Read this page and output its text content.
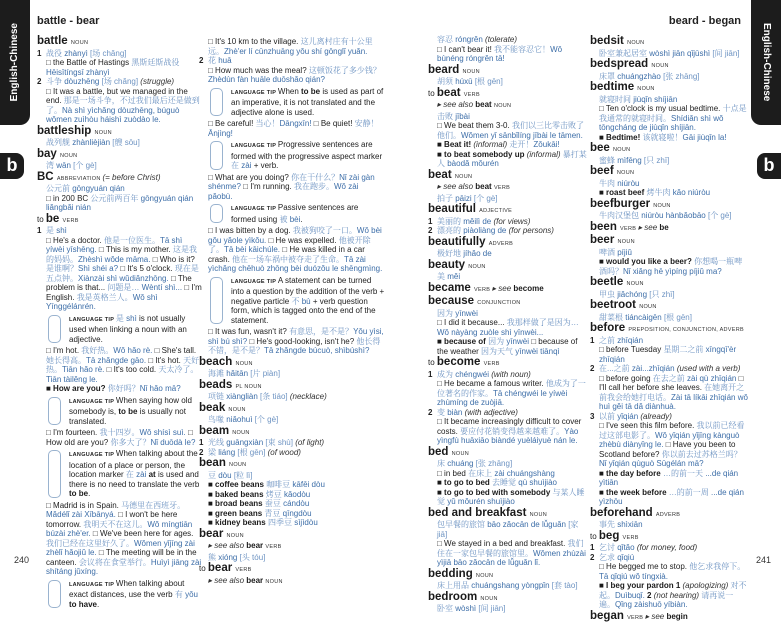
English-Chinese
b
English-Chinese
b
battle - bear	beard - began
240	241
battle NOUN
1 战役 zhànyì [场 chǎng]
□ the Battle of Hastings 黑斯廷斯战役 Hēisītíngsī zhànyì
2 斗争 dòuzhēng [场 chǎng] (struggle)
□ It was a battle, but we managed in the end. 那是一场斗争，不过我们最后还是做到了。Nà shì yìchǎng dòuzhēng, búguò wǒmen zuìhòu háishì zuòdào le.
battleship NOUN
战列舰 zhànlièjiàn [艘 sōu]
bay NOUN
湾 wān [个 gè]
BC ABBREVIATION (= before Christ)
公元前 gōngyuán qián
□ in 200 BC 公元前两百年 gōngyuán qián liǎngbǎi nián
to be VERB
1 是 shì
□ He's a doctor. 他是一位医生。Tā shì yíwèi yīshēng. □ This is my mother. 这是我的妈妈。Zhèshì wǒde māma. □ Who is it? 是谁啊？Shì shéi a? □ It's 5 o'clock. 现在是五点钟。Xiànzài shì wǔdiǎnzhōng. □ The problem is that... 问题是… Wèntí shì... □ I'm English. 我是英格兰人。Wǒ shì Yīnggélánrén.
LANGUAGE TIP 是 shì is not usually used when linking a noun with an adjective.
□ I'm hot. 我好热。Wǒ hǎo rè. □ She's tall. 她长得高。Tā zhǎngde gāo. □ It's hot. 天好热。Tiān hǎo rè. □ It's too cold. 天太冷了。Tiān tàilěng le.
■ How are you? 你好吗？Nǐ hǎo mā?
LANGUAGE TIP When saying how old somebody is, to be is usually not translated.
□ I'm fourteen. 我十四岁。Wǒ shísì suì. □ How old are you? 你多大了？Nǐ duōdà le?
LANGUAGE TIP When talking about the location of a place or person, the location marker 在 zài at is used and there is no need to translate the verb to be.
□ Madrid is in Spain. 马德里在西班牙。Mǎdélǐ zài Xībānyá. □ I won't be here tomorrow. 我明天不在这儿。Wǒ míngtiān búzài zhè'er. □ We've been here for ages. 我们已经在这里好久了。Wǒmen yǐjīng zài zhèlǐ hǎojiǔ le. □ The meeting will be in the canteen. 会议将在食堂举行。Huìyì jiāng zài shítáng jǔxíng.
LANGUAGE TIP When talking about exact distances, use the verb 有 yǒu to have.
□ It's 10 km to the village. 这儿离村庄有十公里远。Zhè'er lí cūnzhuāng yǒu shí gōnglǐ yuǎn.
2 花 huā
□ How much was the meal? 这顿饭花了多少钱？Zhèdùn fàn huāle duōshǎo qián?
LANGUAGE TIP When to be is used as part of an imperative, it is not translated and the adjective alone is used.
□ Be careful! 当心！Dāngxīn! □ Be quiet! 安静！Ānjìng!
LANGUAGE TIP Progressive sentences are formed with the progressive aspect marker 在 zài + verb.
□ What are you doing? 你在干什么？Nǐ zài gàn shénme? □ I'm running. 我在跑步。Wǒ zài pǎobù.
LANGUAGE TIP Passive sentences are formed using 被 bèi.
□ I was bitten by a dog. 我被狗咬了一口。Wǒ bèi gǒu yǎole yìkǒu. □ He was expelled. 他被开除了。Tā bèi kāichúle. □ He was killed in a car crash. 他在一场车祸中被夺走了生命。Tā zài yìchǎng chēhuò zhōng bèi duózǒu le shēngmìng.
LANGUAGE TIP A statement can be turned into a question by the addition of the verb + negative particle 不 bù + verb question form, which is tagged onto the end of the statement.
□ It was fun, wasn't it? 有意思，是不是？Yǒu yìsi, shì bú shì? □ He's good-looking, isn't he? 他长得不错，是不是？Tā zhǎngde búcuò, shìbúshì?
beach NOUN
海滩 hǎitān [片 piàn]
beads PL NOUN
项链 xiàngliàn [条 tiáo] (necklace)
beak NOUN
鸟喙 niǎohuì [个 gè]
beam NOUN
1 光线 guāngxiàn [束 shù] (of light)
2 梁 liáng [根 gēn] (of wood)
bean NOUN
豆 dòu [粒 lì]
■ coffee beans 咖啡豆 kāfēi dòu
■ baked beans 烤豆 kǎodòu
■ broad beans 蚕豆 cándòu
■ green beans 青豆 qīngdòu
■ kidney beans 四季豆 sìjìdòu
bear NOUN
▸ see also bear VERB
熊 xióng [头 tóu]
to bear VERB
▸ see also bear NOUN
容忍 róngrěn (tolerate)
□ I can't bear it! 我不能容忍它！Wǒ bùnéng róngrěn tā!
beard NOUN
胡须 húxū [根 gēn]
to beat VERB
▸ see also beat NOUN
击败 jībài
□ We beat them 3-0. 我们以三比零击败了他们。Wǒmen yǐ sānbǐlíng jībài le tāmen.
■ Beat it! (informal) 走开！Zǒukāi!
■ to beat somebody up (informal) 暴打某人 bàodǎ mǒurén
beat NOUN
▸ see also beat VERB
拍子 pāizi [个 gè]
beautiful ADJECTIVE
1 美丽的 měilì de (for views)
2 漂亮的 piàoliàng de (for persons)
beautifully ADVERB
极好地 jíhǎo de
beauty NOUN
美 měi
became VERB ▸ see become
because CONJUNCTION
因为 yīnwèi
□ I did it because... 我那样做了是因为… Wǒ nàyàng zuòle shì yīnwèi...
■ because of 因为 yīnwèi □ because of the weather 因为天气 yīnwèi tiānqì
to become VERB
1 成为 chéngwéi (with noun)
□ He became a famous writer. 他成为了一位著名的作家。Tā chéngwéi le yíwèi zhùmíng de zuòjiā.
2 变 biàn (with adjective)
□ It became increasingly difficult to cover costs. 要应付花销变得越来越难了。Yào yìngfù huāxiāo biàndé yuèláiyuè nán le.
bed NOUN
床 chuáng [张 zhāng]
□ in bed 在床上 zài chuángshàng
■ to go to bed 去睡觉 qù shuìjiào
■ to go to bed with somebody 与某人睡觉 yǔ mǒurén shuìjiào
bed and breakfast NOUN
包早餐的旅馆 bāo zǎocān de lǚguǎn [家 jiā]
□ We stayed in a bed and breakfast. 我们住在一家包早餐的旅馆里。Wǒmen zhùzài yìjiā bāo zǎocān de lǚguǎn lǐ.
bedding NOUN
床上用品 chuángshang yòngpǐn [套 tào]
bedroom NOUN
卧室 wòshì [间 jiān]
bedsit NOUN
卧室兼起居室 wòshì jiān qǐjūshì [间 jiān]
bedspread NOUN
床罩 chuángzhào [张 zhāng]
bedtime NOUN
就寝时间 jiùqǐn shíjiān
□ Ten o'clock is my usual bedtime. 十点是我通常的就寝时间。Shídiǎn shì wǒ tōngcháng de jiùqǐn shíjiān.
■ Bedtime! 该就寝啦！Gāi jiùqǐn la!
bee NOUN
蜜蜂 mìfēng [只 zhī]
beef NOUN
牛肉 niúròu
■ roast beef 烤牛肉 kǎo niúròu
beefburger NOUN
牛肉汉堡包 niúròu hànbǎobāo [个 gè]
been VERB ▸ see be
beer NOUN
啤酒 píjiǔ
■ would you like a beer? 你想喝一瓶啤酒吗？Nǐ xiǎng hē yìpíng píjiǔ ma?
beetle NOUN
甲虫 jiǎchóng [只 zhī]
beetroot NOUN
甜菜根 tiáncàigēn [根 gēn]
before PREPOSITION, CONJUNCTION, ADVERB
1 之前 zhīqián
□ before Tuesday 星期二之前 xīngqī'èr zhīqián
2 在...之前 zài...zhīqián (used with a verb)
□ before going 在去之前 zài qù zhīqián □ I'll call her before she leaves. 在她离开之前我会给她打电话。Zài tā líkāi zhīqián wǒ huì gěi tā dǎ diànhuà.
3 以前 yǐqián (already)
□ I've seen this film before. 我以前已经看过这部电影了。Wǒ yǐqián yǐjīng kànguò zhèbù diànyǐng le. □ Have you been to Scotland before? 你以前去过苏格兰吗？Nǐ yǐqián qùguò Sūgélán mā?
■ the day before …的前一天 ...de qián yìtiān
■ the week before …的前一周 ...de qián yìzhōu
beforehand ADVERB
事先 shìxiān
to beg VERB
1 乞讨 qǐtǎo (for money, food)
2 乞求 qǐqiú
□ He begged me to stop. 他乞求我停下。Tā qǐqiú wǒ tíngxià.
■ I beg your pardon 1 (apologizing) 对不起。Duìbuqǐ. 2 (not hearing) 请再说一遍。Qǐng zàishuō yíbiàn.
began VERB ▸ see begin
